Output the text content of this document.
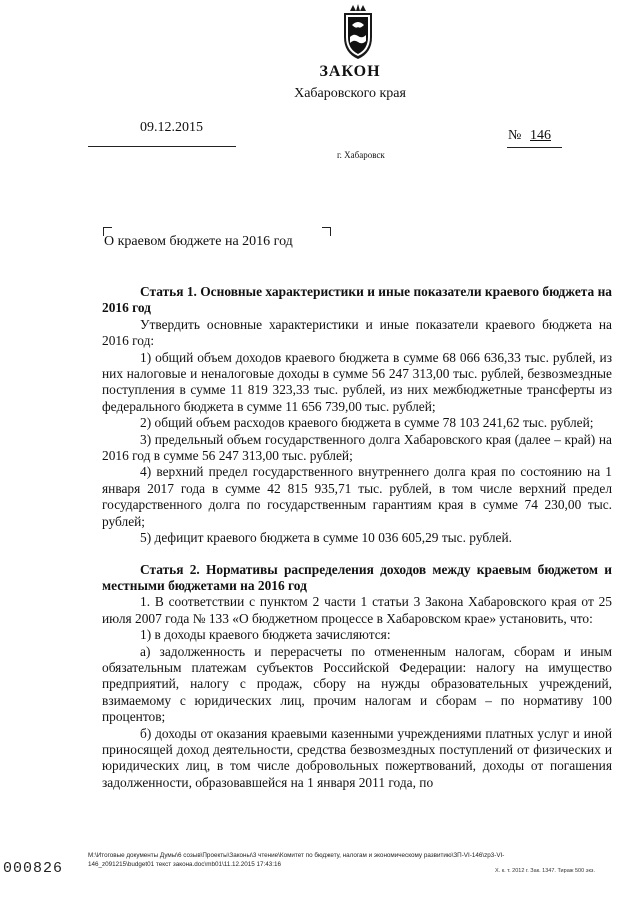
ЗАКОН
Хабаровского края
09.12.2015
№ 146
г. Хабаровск
О краевом бюджете на 2016 год

Статья 1. Основные характеристики и иные показатели краевого бюджета на 2016 год

Утвердить основные характеристики и иные показатели краевого бюджета на 2016 год:

1) общий объем доходов краевого бюджета в сумме 68 066 636,33 тыс. рублей, из них налоговые и неналоговые доходы в сумме 56 247 313,00 тыс. рублей, безвозмездные поступления в сумме 11 819 323,33 тыс. рублей, из них межбюджетные трансферты из федерального бюджета в сумме 11 656 739,00 тыс. рублей;

2) общий объем расходов краевого бюджета в сумме 78 103 241,62 тыс. рублей;

3) предельный объем государственного долга Хабаровского края (далее – край) на 2016 год в сумме 56 247 313,00 тыс. рублей;

4) верхний предел государственного внутреннего долга края по состоянию на 1 января 2017 года в сумме 42 815 935,71 тыс. рублей, в том числе верхний предел государственного долга по государственным гарантиям края в сумме 74 230,00 тыс. рублей;

5) дефицит краевого бюджета в сумме 10 036 605,29 тыс. рублей.

Статья 2. Нормативы распределения доходов между краевым бюджетом и местными бюджетами на 2016 год

1. В соответствии с пунктом 2 части 1 статьи 3 Закона Хабаровского края от 25 июля 2007 года № 133 «О бюджетном процессе в Хабаровском крае» установить, что:

1) в доходы краевого бюджета зачисляются:

а) задолженность и перерасчеты по отмененным налогам, сборам и иным обязательным платежам субъектов Российской Федерации: налогу на имущество предприятий, налогу с продаж, сбору на нужды образовательных учреждений, взимаемому с юридических лиц, прочим налогам и сборам – по нормативу 100 процентов;

б) доходы от оказания краевыми казенными учреждениями платных услуг и иной приносящей доход деятельности, средства безвозмездных поступлений от физических и юридических лиц, в том числе добровольных пожертвований, доходы от погашения задолженности, образовавшейся на 1 января 2011 года, по

000826
M:\Итоговые документы Думы\6 созыв\Проекты\Законы\3 чтение\Комитет по бюджету, налогам и экономическому развитию\ЗП-VI-146\zp3-VI-
146_z091215\budget01 текст закона.doc\mb01\11.12.2015 17:43:16
Х. к. т. 2012 г. Зак. 1347. Тираж 500 экз.
